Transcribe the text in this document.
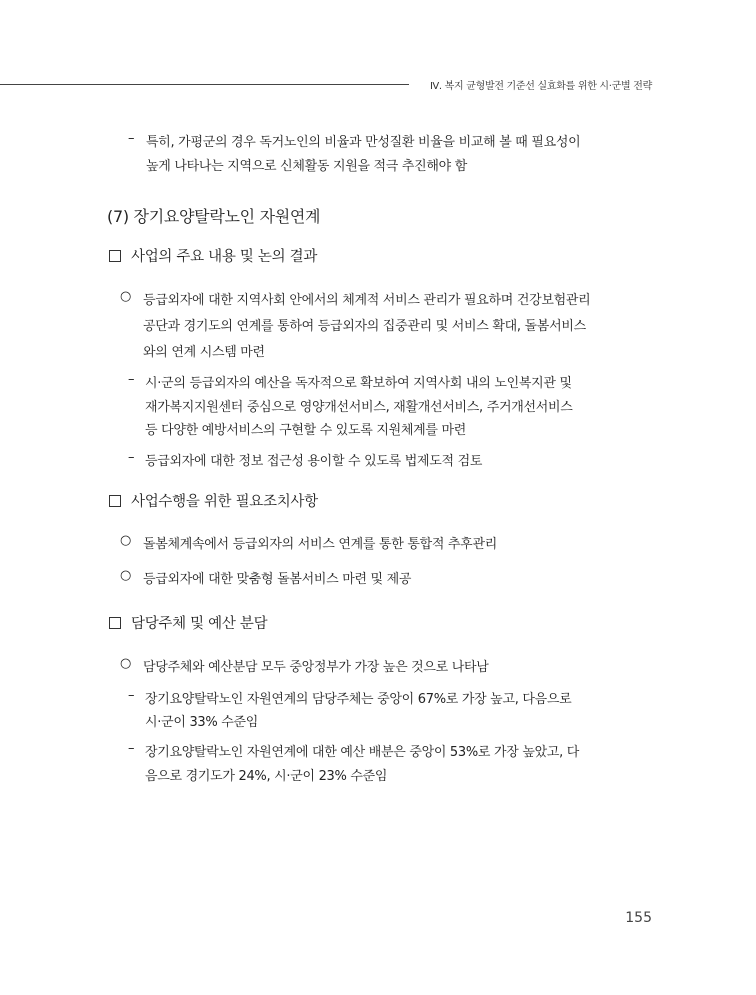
Ⅳ. 복지 균형발전 기준선 실효화를 위한 시·군별 전략
– 특히, 가평군의 경우 독거노인의 비율과 만성질환 비율을 비교해 볼 때 필요성이
높게 나타나는 지역으로 신체활동 지원을 적극 추진해야 함
(7) 장기요양탈락노인 자원연계
사업의 주요 내용 및 논의 결과
○ 등급외자에 대한 지역사회 안에서의 체계적 서비스 관리가 필요하며 건강보험관리
공단과 경기도의 연계를 통하여 등급외자의 집중관리 및 서비스 확대, 돌봄서비스
와의 연계 시스템 마련
– 시·군의 등급외자의 예산을 독자적으로 확보하여 지역사회 내의 노인복지관 및
재가복지지원센터 중심으로 영양개선서비스, 재활개선서비스, 주거개선서비스
등 다양한 예방서비스의 구현할 수 있도록 지원체계를 마련
– 등급외자에 대한 정보 접근성 용이할 수 있도록 법제도적 검토
사업수행을 위한 필요조치사항
○ 돌봄체계속에서 등급외자의 서비스 연계를 통한 통합적 추후관리
○ 등급외자에 대한 맞춤형 돌봄서비스 마련 및 제공
담당주체 및 예산 분담
○ 담당주체와 예산분담 모두 중앙정부가 가장 높은 것으로 나타남
– 장기요양탈락노인 자원연계의 담당주체는 중앙이 67%로 가장 높고, 다음으로
시·군이 33% 수준임
– 장기요양탈락노인 자원연계에 대한 예산 배분은 중앙이 53%로 가장 높았고, 다
음으로 경기도가 24%, 시·군이 23% 수준임
155
